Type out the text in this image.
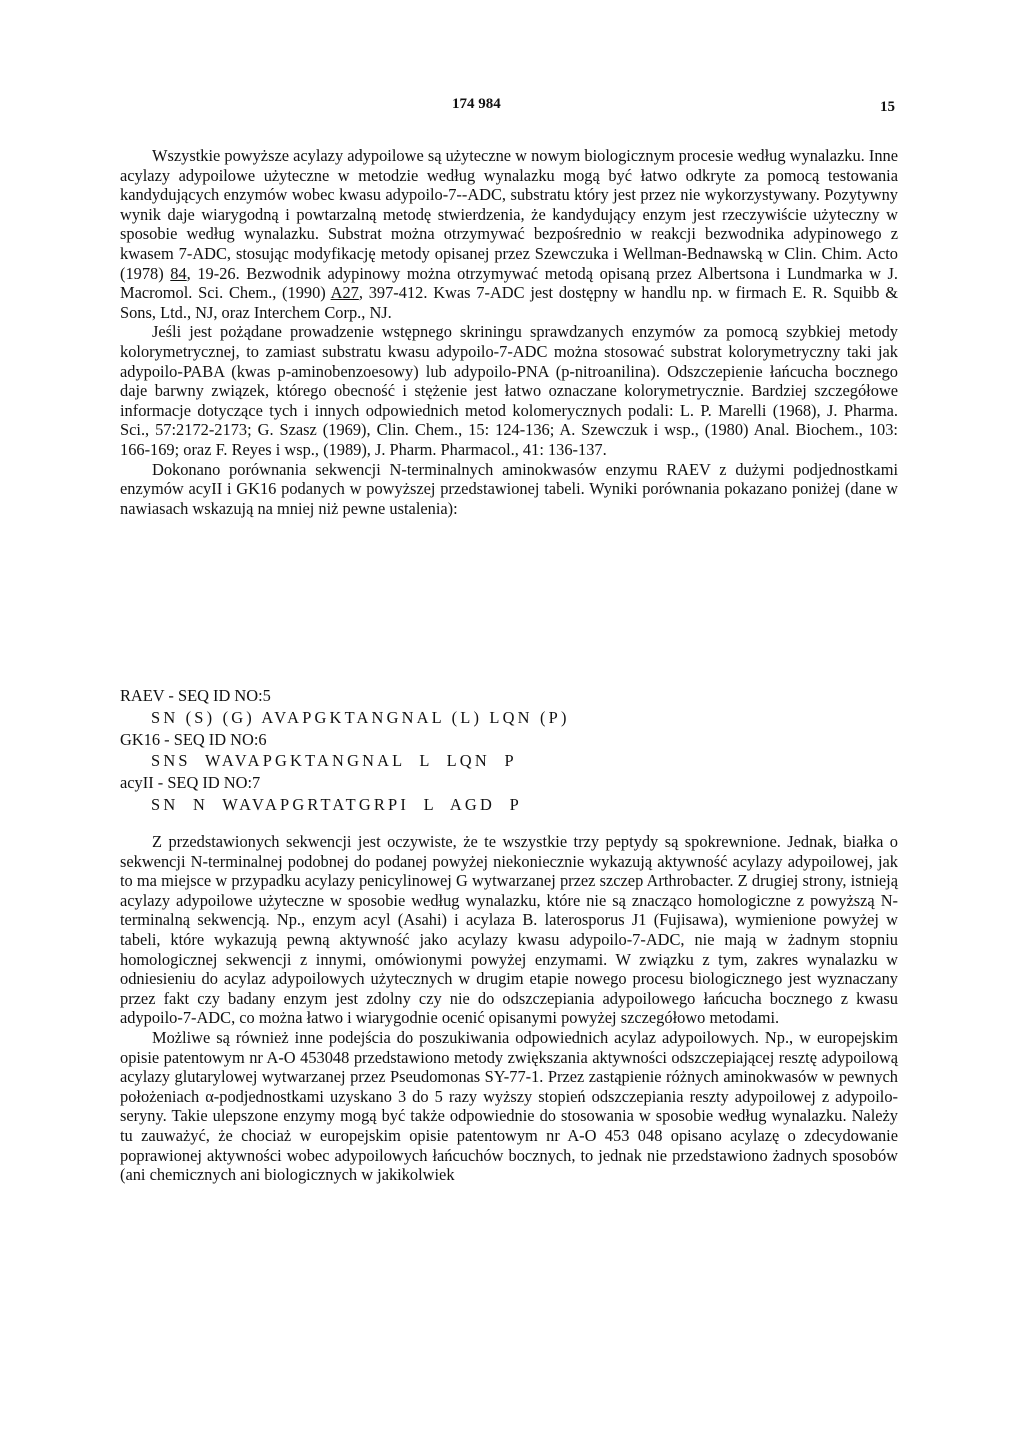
174 984	15

Wszystkie powyższe acylazy adypoilowe są użyteczne w nowym biologicznym procesie według wynalazku. Inne acylazy adypoilowe użyteczne w metodzie według wynalazku mogą być łatwo odkryte za pomocą testowania kandydujących enzymów wobec kwasu adypoilo-7--ADC, substratu który jest przez nie wykorzystywany. Pozytywny wynik daje wiarygodną i powtarzalną metodę stwierdzenia, że kandydujący enzym jest rzeczywiście użyteczny w sposobie według wynalazku. Substrat można otrzymywać bezpośrednio w reakcji bezwodnika adypinowego z kwasem 7-ADC, stosując modyfikację metody opisanej przez Szewczuka i Wellman-Bednawską w Clin. Chim. Acto (1978) 84, 19-26. Bezwodnik adypinowy można otrzymywać metodą opisaną przez Albertsona i Lundmarka w J. Macromol. Sci. Chem., (1990) A27, 397-412. Kwas 7-ADC jest dostępny w handlu np. w firmach E. R. Squibb & Sons, Ltd., NJ, oraz Interchem Corp., NJ.

Jeśli jest pożądane prowadzenie wstępnego skriningu sprawdzanych enzymów za pomocą szybkiej metody kolorymetrycznej, to zamiast substratu kwasu adypoilo-7-ADC można stosować substrat kolorymetryczny taki jak adypoilo-PABA (kwas p-aminobenzoesowy) lub adypoilo-PNA (p-nitroanilina). Odszczepienie łańcucha bocznego daje barwny związek, którego obecność i stężenie jest łatwo oznaczane kolorymetrycznie. Bardziej szczegółowe informacje dotyczące tych i innych odpowiednich metod kolomerycznych podali: L. P. Marelli (1968), J. Pharma. Sci., 57:2172-2173; G. Szasz (1969), Clin. Chem., 15: 124-136; A. Szewczuk i wsp., (1980) Anal. Biochem., 103: 166-169; oraz F. Reyes i wsp., (1989), J. Pharm. Pharmacol., 41: 136-137.

Dokonano porównania sekwencji N-terminalnych aminokwasów enzymu RAEV z dużymi podjednostkami enzymów acyII i GK16 podanych w powyższej przedstawionej tabeli. Wyniki porównania pokazano poniżej (dane w nawiasach wskazują na mniej niż pewne ustalenia):

RAEV - SEQ ID NO:5

SN (S) (G) AVAPGKTANGNAL (L) LQN (P)

GK16 - SEQ ID NO:6

SNS  WAVAPGKTANGNAL  L  LQN  P

acyII - SEQ ID NO:7

SN  N  WAVAPGRTATGRPI  L  AGD  P

Z przedstawionych sekwencji jest oczywiste, że te wszystkie trzy peptydy są spokrewnione. Jednak, białka o sekwencji N-terminalnej podobnej do podanej powyżej niekoniecznie wykazują aktywność acylazy adypoilowej, jak to ma miejsce w przypadku acylazy penicylinowej G wytwarzanej przez szczep Arthrobacter. Z drugiej strony, istnieją acylazy adypoilowe użyteczne w sposobie według wynalazku, które nie są znacząco homologiczne z powyższą N-terminalną sekwencją. Np., enzym acyl (Asahi) i acylaza B. laterosporus J1 (Fujisawa), wymienione powyżej w tabeli, które wykazują pewną aktywność jako acylazy kwasu adypoilo-7-ADC, nie mają w żadnym stopniu homologicznej sekwencji z innymi, omówionymi powyżej enzymami. W związku z tym, zakres wynalazku w odniesieniu do acylaz adypoilowych użytecznych w drugim etapie nowego procesu biologicznego jest wyznaczany przez fakt czy badany enzym jest zdolny czy nie do odszczepiania adypoilowego łańcucha bocznego z kwasu adypoilo-7-ADC, co można łatwo i wiarygodnie ocenić opisanymi powyżej szczegółowo metodami.

Możliwe są również inne podejścia do poszukiwania odpowiednich acylaz adypoilowych. Np., w europejskim opisie patentowym nr A-O 453048 przedstawiono metody zwiększania aktywności odszczepiającej resztę adypoilową acylazy glutarylowej wytwarzanej przez Pseudomonas SY-77-1. Przez zastąpienie różnych aminokwasów w pewnych położeniach α-podjednostkami uzyskano 3 do 5 razy wyższy stopień odszczepiania reszty adypoilowej z adypoilo-seryny. Takie ulepszone enzymy mogą być także odpowiednie do stosowania w sposobie według wynalazku. Należy tu zauważyć, że chociaż w europejskim opisie patentowym nr A-O 453 048 opisano acylazę o zdecydowanie poprawionej aktywności wobec adypoilowych łańcuchów bocznych, to jednak nie przedstawiono żadnych sposobów (ani chemicznych ani biologicznych w jakikolwiek
